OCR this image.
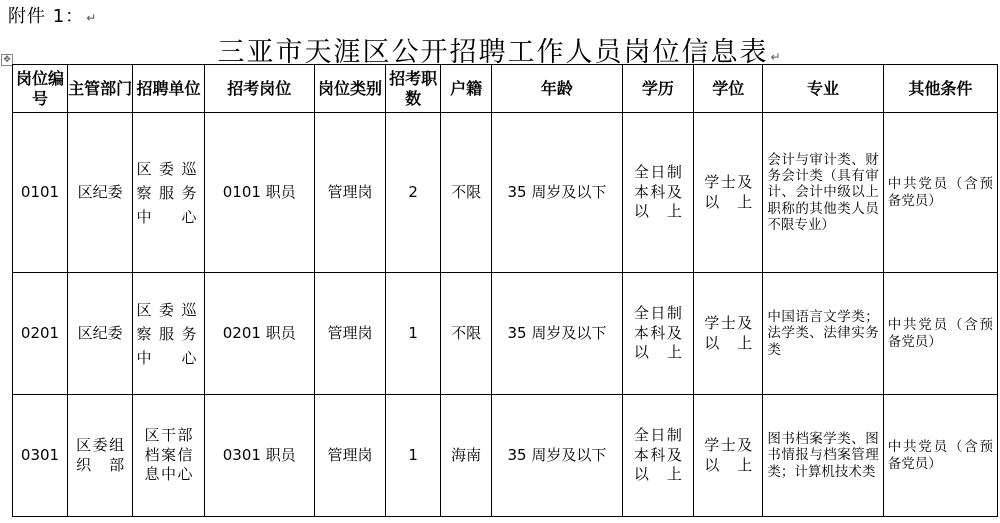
附件 1： ↵
三亚市天涯区公开招聘工作人员岗位信息表 ↵
✥
岗位编号	主管部门	招聘单位	招考岗位	岗位类别	招考职数	户籍	年龄	学历	学位	专业	其他条件
0101	区纪委	区委巡察服务中心	0101 职员	管理岗	2	不限	35 周岁及以下	全日制本科及以上	学士及以上	会计与审计类、财务会计类（具有审计、会计中级以上职称的其他类人员不限专业）	中共党员（含预备党员）
0201	区纪委	区委巡察服务中心	0201 职员	管理岗	1	不限	35 周岁及以下	全日制本科及以上	学士及以上	中国语言文学类；法学类、法律实务类	中共党员（含预备党员）
0301	区委组织部	区干部档案信息中心	0301 职员	管理岗	1	海南	35 周岁及以下	全日制本科及以上	学士及以上	图书档案学类、图书情报与档案管理类；计算机技术类	中共党员（含预备党员）
